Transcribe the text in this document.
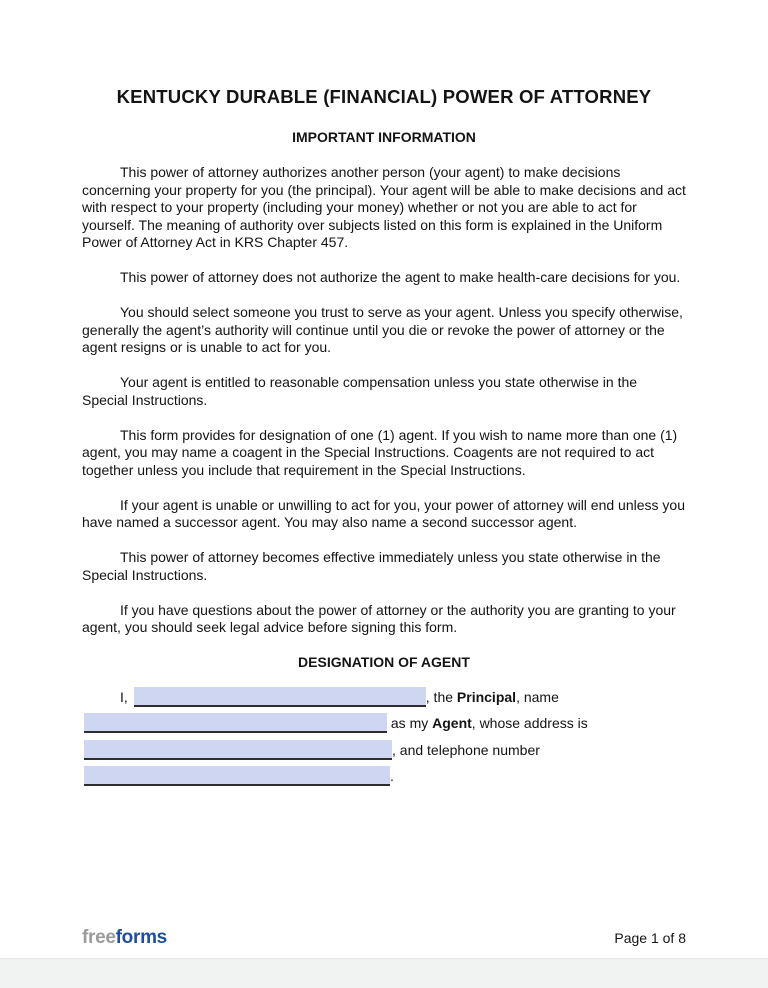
KENTUCKY DURABLE (FINANCIAL) POWER OF ATTORNEY
IMPORTANT INFORMATION

This power of attorney authorizes another person (your agent) to make decisions concerning your property for you (the principal). Your agent will be able to make decisions and act with respect to your property (including your money) whether or not you are able to act for yourself. The meaning of authority over subjects listed on this form is explained in the Uniform Power of Attorney Act in KRS Chapter 457.

This power of attorney does not authorize the agent to make health-care decisions for you.

You should select someone you trust to serve as your agent. Unless you specify otherwise, generally the agent’s authority will continue until you die or revoke the power of attorney or the agent resigns or is unable to act for you.

Your agent is entitled to reasonable compensation unless you state otherwise in the Special Instructions.

This form provides for designation of one (1) agent. If you wish to name more than one (1) agent, you may name a coagent in the Special Instructions. Coagents are not required to act together unless you include that requirement in the Special Instructions.

If your agent is unable or unwilling to act for you, your power of attorney will end unless you have named a successor agent. You may also name a second successor agent.

This power of attorney becomes effective immediately unless you state otherwise in the Special Instructions.

If you have questions about the power of attorney or the authority you are granting to your agent, you should seek legal advice before signing this form.

DESIGNATION OF AGENT
I,	, the Principal, name
as my Agent, whose address is
, and telephone number
.
freeforms	Page 1 of 8
